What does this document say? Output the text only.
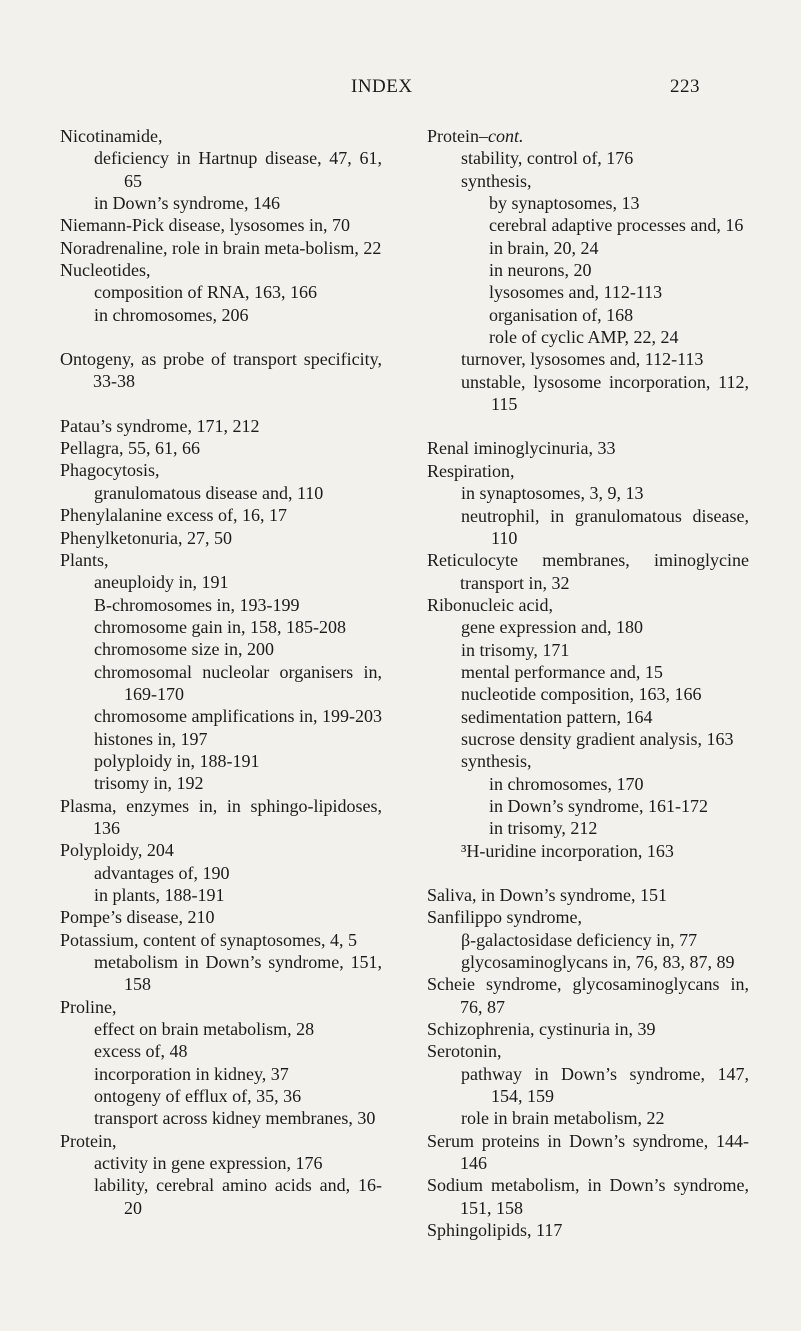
INDEX	223
Nicotinamide,
deficiency in Hartnup disease, 47, 61, 65
in Down’s syndrome, 146
Niemann-Pick disease, lysosomes in, 70
Noradrenaline, role in brain meta-bolism, 22
Nucleotides,
composition of RNA, 163, 166
in chromosomes, 206
Ontogeny, as probe of transport specificity, 33-38
Patau’s syndrome, 171, 212
Pellagra, 55, 61, 66
Phagocytosis,
granulomatous disease and, 110
Phenylalanine excess of, 16, 17
Phenylketonuria, 27, 50
Plants,
aneuploidy in, 191
B-chromosomes in, 193-199
chromosome gain in, 158, 185-208
chromosome size in, 200
chromosomal nucleolar organisers in, 169-170
chromosome amplifications in, 199-203
histones in, 197
polyploidy in, 188-191
trisomy in, 192
Plasma, enzymes in, in sphingo-lipidoses, 136
Polyploidy, 204
advantages of, 190
in plants, 188-191
Pompe’s disease, 210
Potassium, content of synaptosomes, 4, 5
metabolism in Down’s syndrome, 151, 158
Proline,
effect on brain metabolism, 28
excess of, 48
incorporation in kidney, 37
ontogeny of efflux of, 35, 36
transport across kidney membranes, 30
Protein,
activity in gene expression, 176
lability, cerebral amino acids and, 16-20
Protein–cont.
stability, control of, 176
synthesis,
by synaptosomes, 13
cerebral adaptive processes and, 16
in brain, 20, 24
in neurons, 20
lysosomes and, 112-113
organisation of, 168
role of cyclic AMP, 22, 24
turnover, lysosomes and, 112-113
unstable, lysosome incorporation, 112, 115
Renal iminoglycinuria, 33
Respiration,
in synaptosomes, 3, 9, 13
neutrophil, in granulomatous disease, 110
Reticulocyte membranes, iminoglycine transport in, 32
Ribonucleic acid,
gene expression and, 180
in trisomy, 171
mental performance and, 15
nucleotide composition, 163, 166
sedimentation pattern, 164
sucrose density gradient analysis, 163
synthesis,
in chromosomes, 170
in Down’s syndrome, 161-172
in trisomy, 212
³H-uridine incorporation, 163
Saliva, in Down’s syndrome, 151
Sanfilippo syndrome,
β-galactosidase deficiency in, 77
glycosaminoglycans in, 76, 83, 87, 89
Scheie syndrome, glycosaminoglycans in, 76, 87
Schizophrenia, cystinuria in, 39
Serotonin,
pathway in Down’s syndrome, 147, 154, 159
role in brain metabolism, 22
Serum proteins in Down’s syndrome, 144-146
Sodium metabolism, in Down’s syndrome, 151, 158
Sphingolipids, 117
